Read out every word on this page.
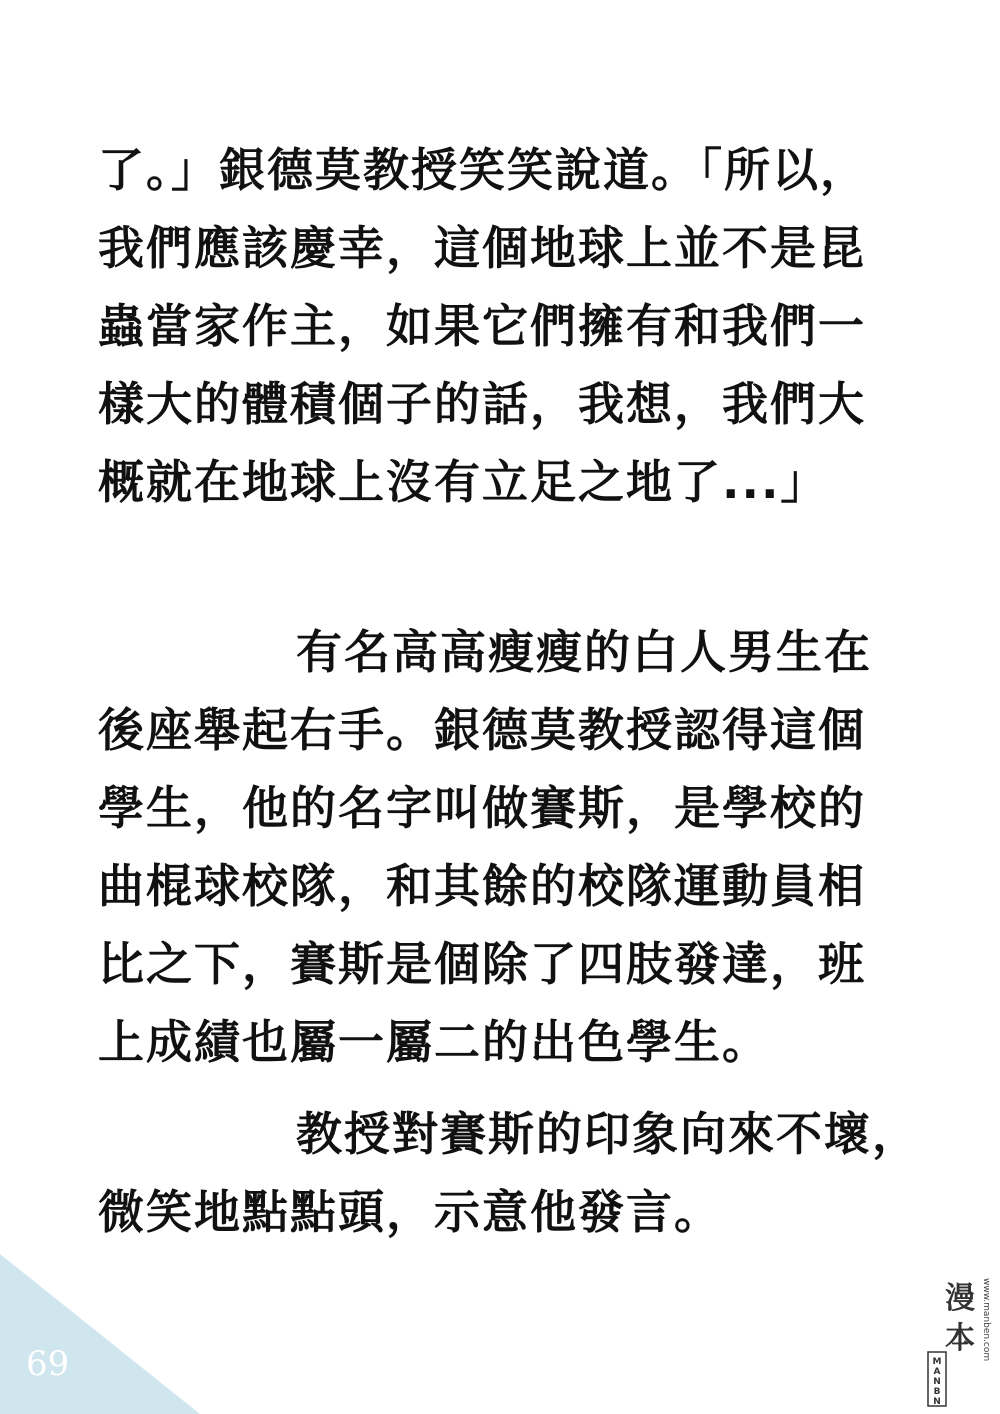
了。」銀德莫教授笑笑說道。「所以，
我們應該慶幸，這個地球上並不是昆
蟲當家作主，如果它們擁有和我們一
樣大的體積個子的話，我想，我們大
概就在地球上沒有立足之地了...」
有名高高瘦瘦的白人男生在
後座舉起右手。銀德莫教授認得這個
學生，他的名字叫做賽斯，是學校的
曲棍球校隊，和其餘的校隊運動員相
比之下，賽斯是個除了四肢發達，班
上成績也屬一屬二的出色學生。
教授對賽斯的印象向來不壞，
微笑地點點頭，示意他發言。
69	M
A
N
B
N
漫
本 www.manben.com
